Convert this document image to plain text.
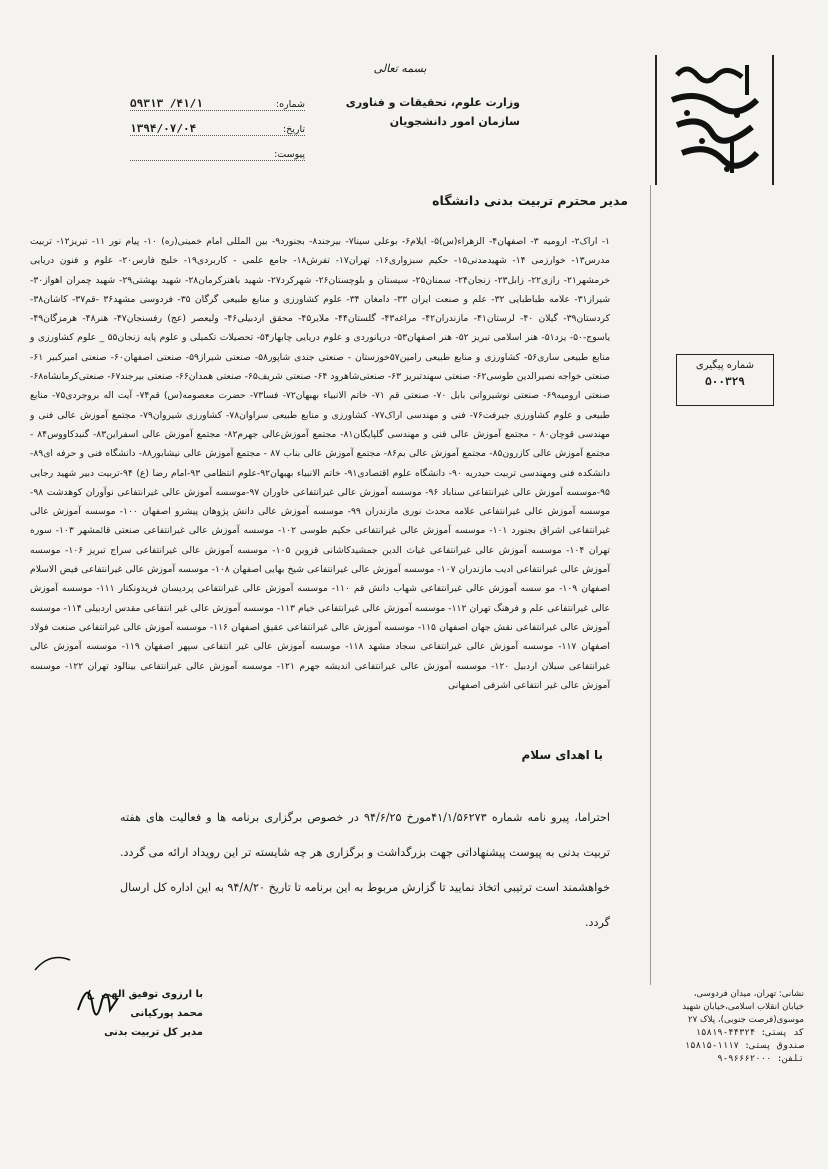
بسمه تعالی
وزارت علوم، تحقیقات و فناوری
سازمان امور دانشجویان
شماره:
۴۱/۱/ ۵۹۳۱۳
تاریخ:
۱۳۹۴/۰۷/۰۴
پیوست:
مدیر محترم تربیت بدنی دانشگاه
۱- اراک۲- ارومیه ۳- اصفهان۴- الزهراء(س)۵- ایلام۶- بوعلی سینا۷- بیرجند۸- بجنورد۹- بین المللی امام خمینی(ره) ۱۰- پیام نور ۱۱- تبریز۱۲- تربیت مدرس۱۳- خوارزمی ۱۴- شهیدمدنی۱۵- حکیم سبزواری۱۶- تهران۱۷- تفرش۱۸- جامع علمی - کاربردی۱۹- خلیج فارس۲۰- علوم و فنون دریایی خرمشهر۲۱- رازی۲۲- زابل۲۳- زنجان۲۴- سمنان۲۵- سیستان و بلوچستان۲۶- شهرکرد۲۷- شهید باهنرکرمان۲۸- شهید بهشتی۲۹- شهید چمران اهواز۳۰- شیراز۳۱- علامه طباطبایی ۳۲- علم و صنعت ایران ۳۳- دامغان ۳۴- علوم کشاورزی و منابع طبیعی گرگان ۳۵- فردوسی مشهد۳۶ -قم۳۷- کاشان۳۸- کردستان۳۹- گیلان ۴۰- لرستان۴۱- مازندران۴۲- مراغه۴۳- گلستان۴۴- ملایر۴۵- محقق اردبیلی۴۶- ولیعصر (عج) رفسنجان۴۷- هنر۴۸- هرمزگان۴۹- یاسوج-۵۰- یزد۵۱- هنر اسلامی تبریز ۵۲- هنر اصفهان۵۳- دریانوردی و علوم دریایی چابهار۵۴- تحصیلات تکمیلی و علوم پایه زنجان۵۵ _ علوم کشاورزی و منابع طبیعی ساری۵۶- کشاورزی و منابع طبیعی رامین۵۷خوزستان - صنعتی جندی شاپور۵۸- صنعتی شیراز۵۹- صنعتی اصفهان۶۰- صنعتی امیرکبیر ۶۱- صنعتی خواجه نصیرالدین طوسی۶۲- صنعتی سهندتبریز ۶۳- صنعتی‌شاهرود ۶۴- صنعتی شریف۶۵- صنعتی همدان۶۶- صنعتی بیرجند۶۷- صنعتی‌کرمانشاه۶۸- صنعتی ارومیه۶۹- صنعتی نوشیروانی بابل ۷۰- صنعتی قم ۷۱- خاتم الانبیاء بهبهان۷۲- فسا۷۳- حضرت معصومه(س) قم۷۴- آیت اله بروجردی۷۵- منابع طبیعی و علوم کشاورزی جیرفت۷۶- فنی و مهندسی اراک۷۷- کشاورزی و منابع طبیعی سراوان۷۸- کشاورزی شیروان۷۹- مجتمع آموزش عالی فنی و مهندسی قوچان۸۰ - مجتمع آموزش عالی فنی و مهندسی گلپایگان۸۱- مجتمع آموزش‌عالی جهرم۸۲- مجتمع آموزش عالی اسفراین۸۳- گنبدکاووس۸۴ - مجتمع آموزش عالی کازرون۸۵- مجتمع آموزش عالی بم۸۶- مجتمع آموزش عالی بناب ۸۷ - مجتمع آموزش عالی نیشابور۸۸- دانشگاه فنی و حرفه ای۸۹- دانشکده فنی ومهندسی تربیت حیدریه ۹۰- دانشگاه علوم اقتصادی۹۱- خاتم الانبیاء بهبهان۹۲-علوم انتظامی ۹۳-امام رضا (ع) ۹۴-تربیت دبیر شهید رجایی ۹۵-موسسه آموزش عالی غیرانتفاعی سناباد ۹۶- موسسه آموزش عالی غیرانتفاعی خاوران ۹۷-موسسه آموزش عالی غیرانتفاعی نوآوران کوهدشت ۹۸-موسسه آموزش عالی غیرانتفاعی علامه محدث نوری مازندران ۹۹- موسسه آموزش عالی دانش پژوهان پیشرو اصفهان ۱۰۰- موسسه آموزش عالی غیرانتفاعی اشراق بجنورد ۱۰۱- موسسه آموزش عالی غیرانتفاعی حکیم طوسی ۱۰۲- موسسه آموزش عالی غیرانتفاعی صنعتی قائمشهر ۱۰۳- سوره تهران ۱۰۴- موسسه آموزش عالی غیرانتفاعی غیاث الدین جمشید‌کاشانی قزوین ۱۰۵- موسسه آموزش عالی غیرانتفاعی سراج تبریز ۱۰۶- موسسه آموزش عالی غیرانتفاعی ادیب مازندران ۱۰۷- موسسه آموزش عالی غیرانتفاعی شیخ بهایی اصفهان ۱۰۸- موسسه آموزش عالی غیرانتفاعی فیض الاسلام اصفهان ۱۰۹- مو سسه آموزش عالی غیرانتفاعی شهاب دانش قم ۱۱۰- موسسه آموزش عالی غیرانتفاعی پردیسان فریدونکنار ۱۱۱- موسسه آموزش عالی غیرانتفاعی علم و فرهنگ تهران ۱۱۲- موسسه آموزش عالی غیرانتفاعی خیام ۱۱۳- موسسه آموزش عالی غیر انتفاعی مقدس اردبیلی ۱۱۴- موسسه آموزش عالی غیرانتفاعی نقش جهان اصفهان ۱۱۵- موسسه آموزش عالی غیرانتفاعی عقیق اصفهان ۱۱۶- موسسه آموزش عالی غیرانتفاعی صنعت فولاد اصفهان ۱۱۷- موسسه آموزش عالی غیرانتفاعی سجاد مشهد ۱۱۸- موسسه آموزش عالی غیر انتفاعی سپهر اصفهان ۱۱۹- موسسه آموزش عالی غیرانتفاعی سبلان اردبیل ۱۲۰- موسسه آموزش عالی غیرانتفاعی اندیشه جهرم ۱۲۱- موسسه آموزش عالی غیرانتفاعی بینالود تهران ۱۲۲- موسسه آموزش عالی غیر انتفاعی اشرفی اصفهانی
شماره پیگیری
۵۰۰۳۲۹
با اهدای سلام
احتراما، پیرو نامه شماره ۴۱/۱/۵۶۲۷۳مورخ ۹۴/۶/۲۵ در خصوص برگزاری برنامه ها و فعالیت های هفته تربیت بدنی به پیوست پیشنهاداتی جهت بزرگداشت و برگزاری هر چه شایسته تر این رویداد ارائه می گردد. خواهشمند است ترتیبی اتخاذ نمایید تا گزارش مربوط به این برنامه تا تاریخ ۹۴/۸/۲۰ به این اداره کل ارسال گردد.
با ارزوی توفیق الهی
محمد پورکیانی
مدیر کل تربیت بدنی
نشانی: تهران، میدان فردوسی،
خیابان انقلاب اسلامی،خیابان شهید
موسوی(فرصت جنوبی)، پلاک ۲۷
کد پستی: ۴۴۳۲۴-۱۵۸۱۹
صندوق پستی: ۱۱۱۷-۱۵۸۱۵
تلفن: ۹۶۶۶۲۰۰۰-۹
